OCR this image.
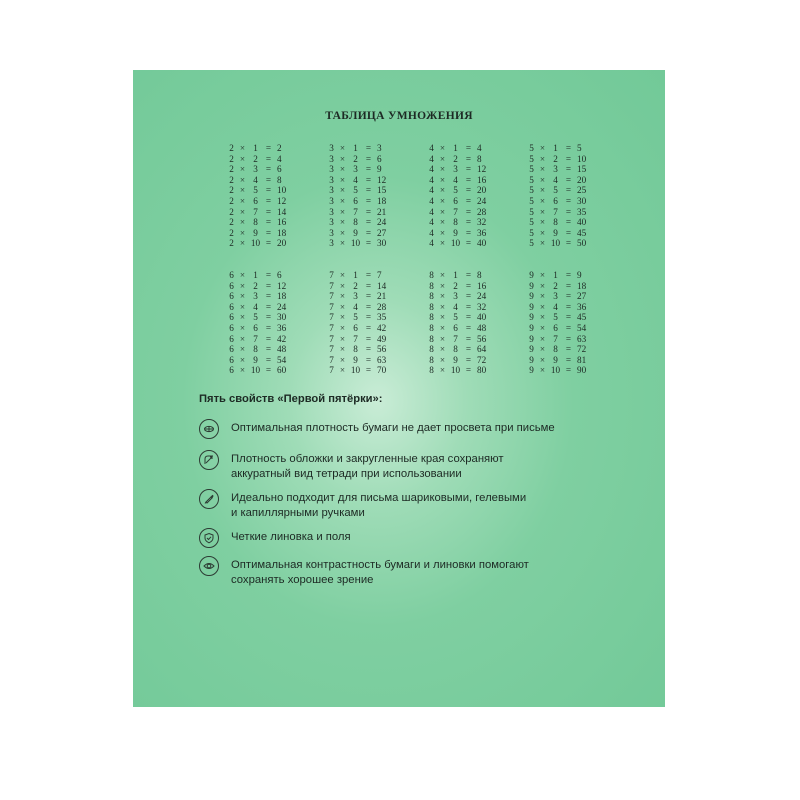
ТАБЛИЦА УМНОЖЕНИЯ
2 × 1 = 2
2 × 2 = 4
2 × 3 = 6
2 × 4 = 8
2 × 5 = 10
2 × 6 = 12
2 × 7 = 14
2 × 8 = 16
2 × 9 = 18
2 × 10 = 20
3 × 1 = 3
3 × 2 = 6
3 × 3 = 9
3 × 4 = 12
3 × 5 = 15
3 × 6 = 18
3 × 7 = 21
3 × 8 = 24
3 × 9 = 27
3 × 10 = 30
4 × 1 = 4
4 × 2 = 8
4 × 3 = 12
4 × 4 = 16
4 × 5 = 20
4 × 6 = 24
4 × 7 = 28
4 × 8 = 32
4 × 9 = 36
4 × 10 = 40
5 × 1 = 5
5 × 2 = 10
5 × 3 = 15
5 × 4 = 20
5 × 5 = 25
5 × 6 = 30
5 × 7 = 35
5 × 8 = 40
5 × 9 = 45
5 × 10 = 50
6 × 1 = 6
6 × 2 = 12
6 × 3 = 18
6 × 4 = 24
6 × 5 = 30
6 × 6 = 36
6 × 7 = 42
6 × 8 = 48
6 × 9 = 54
6 × 10 = 60
7 × 1 = 7
7 × 2 = 14
7 × 3 = 21
7 × 4 = 28
7 × 5 = 35
7 × 6 = 42
7 × 7 = 49
7 × 8 = 56
7 × 9 = 63
7 × 10 = 70
8 × 1 = 8
8 × 2 = 16
8 × 3 = 24
8 × 4 = 32
8 × 5 = 40
8 × 6 = 48
8 × 7 = 56
8 × 8 = 64
8 × 9 = 72
8 × 10 = 80
9 × 1 = 9
9 × 2 = 18
9 × 3 = 27
9 × 4 = 36
9 × 5 = 45
9 × 6 = 54
9 × 7 = 63
9 × 8 = 72
9 × 9 = 81
9 × 10 = 90
Пять свойств «Первой пятёрки»:
Оптимальная плотность бумаги не дает просвета при письме
Плотность обложки и закругленные края сохраняют
аккуратный вид тетради при использовании
Идеально подходит для письма шариковыми, гелевыми
и капиллярными ручками
Четкие линовка и поля
Оптимальная контрастность бумаги и линовки помогают
сохранять хорошее зрение
